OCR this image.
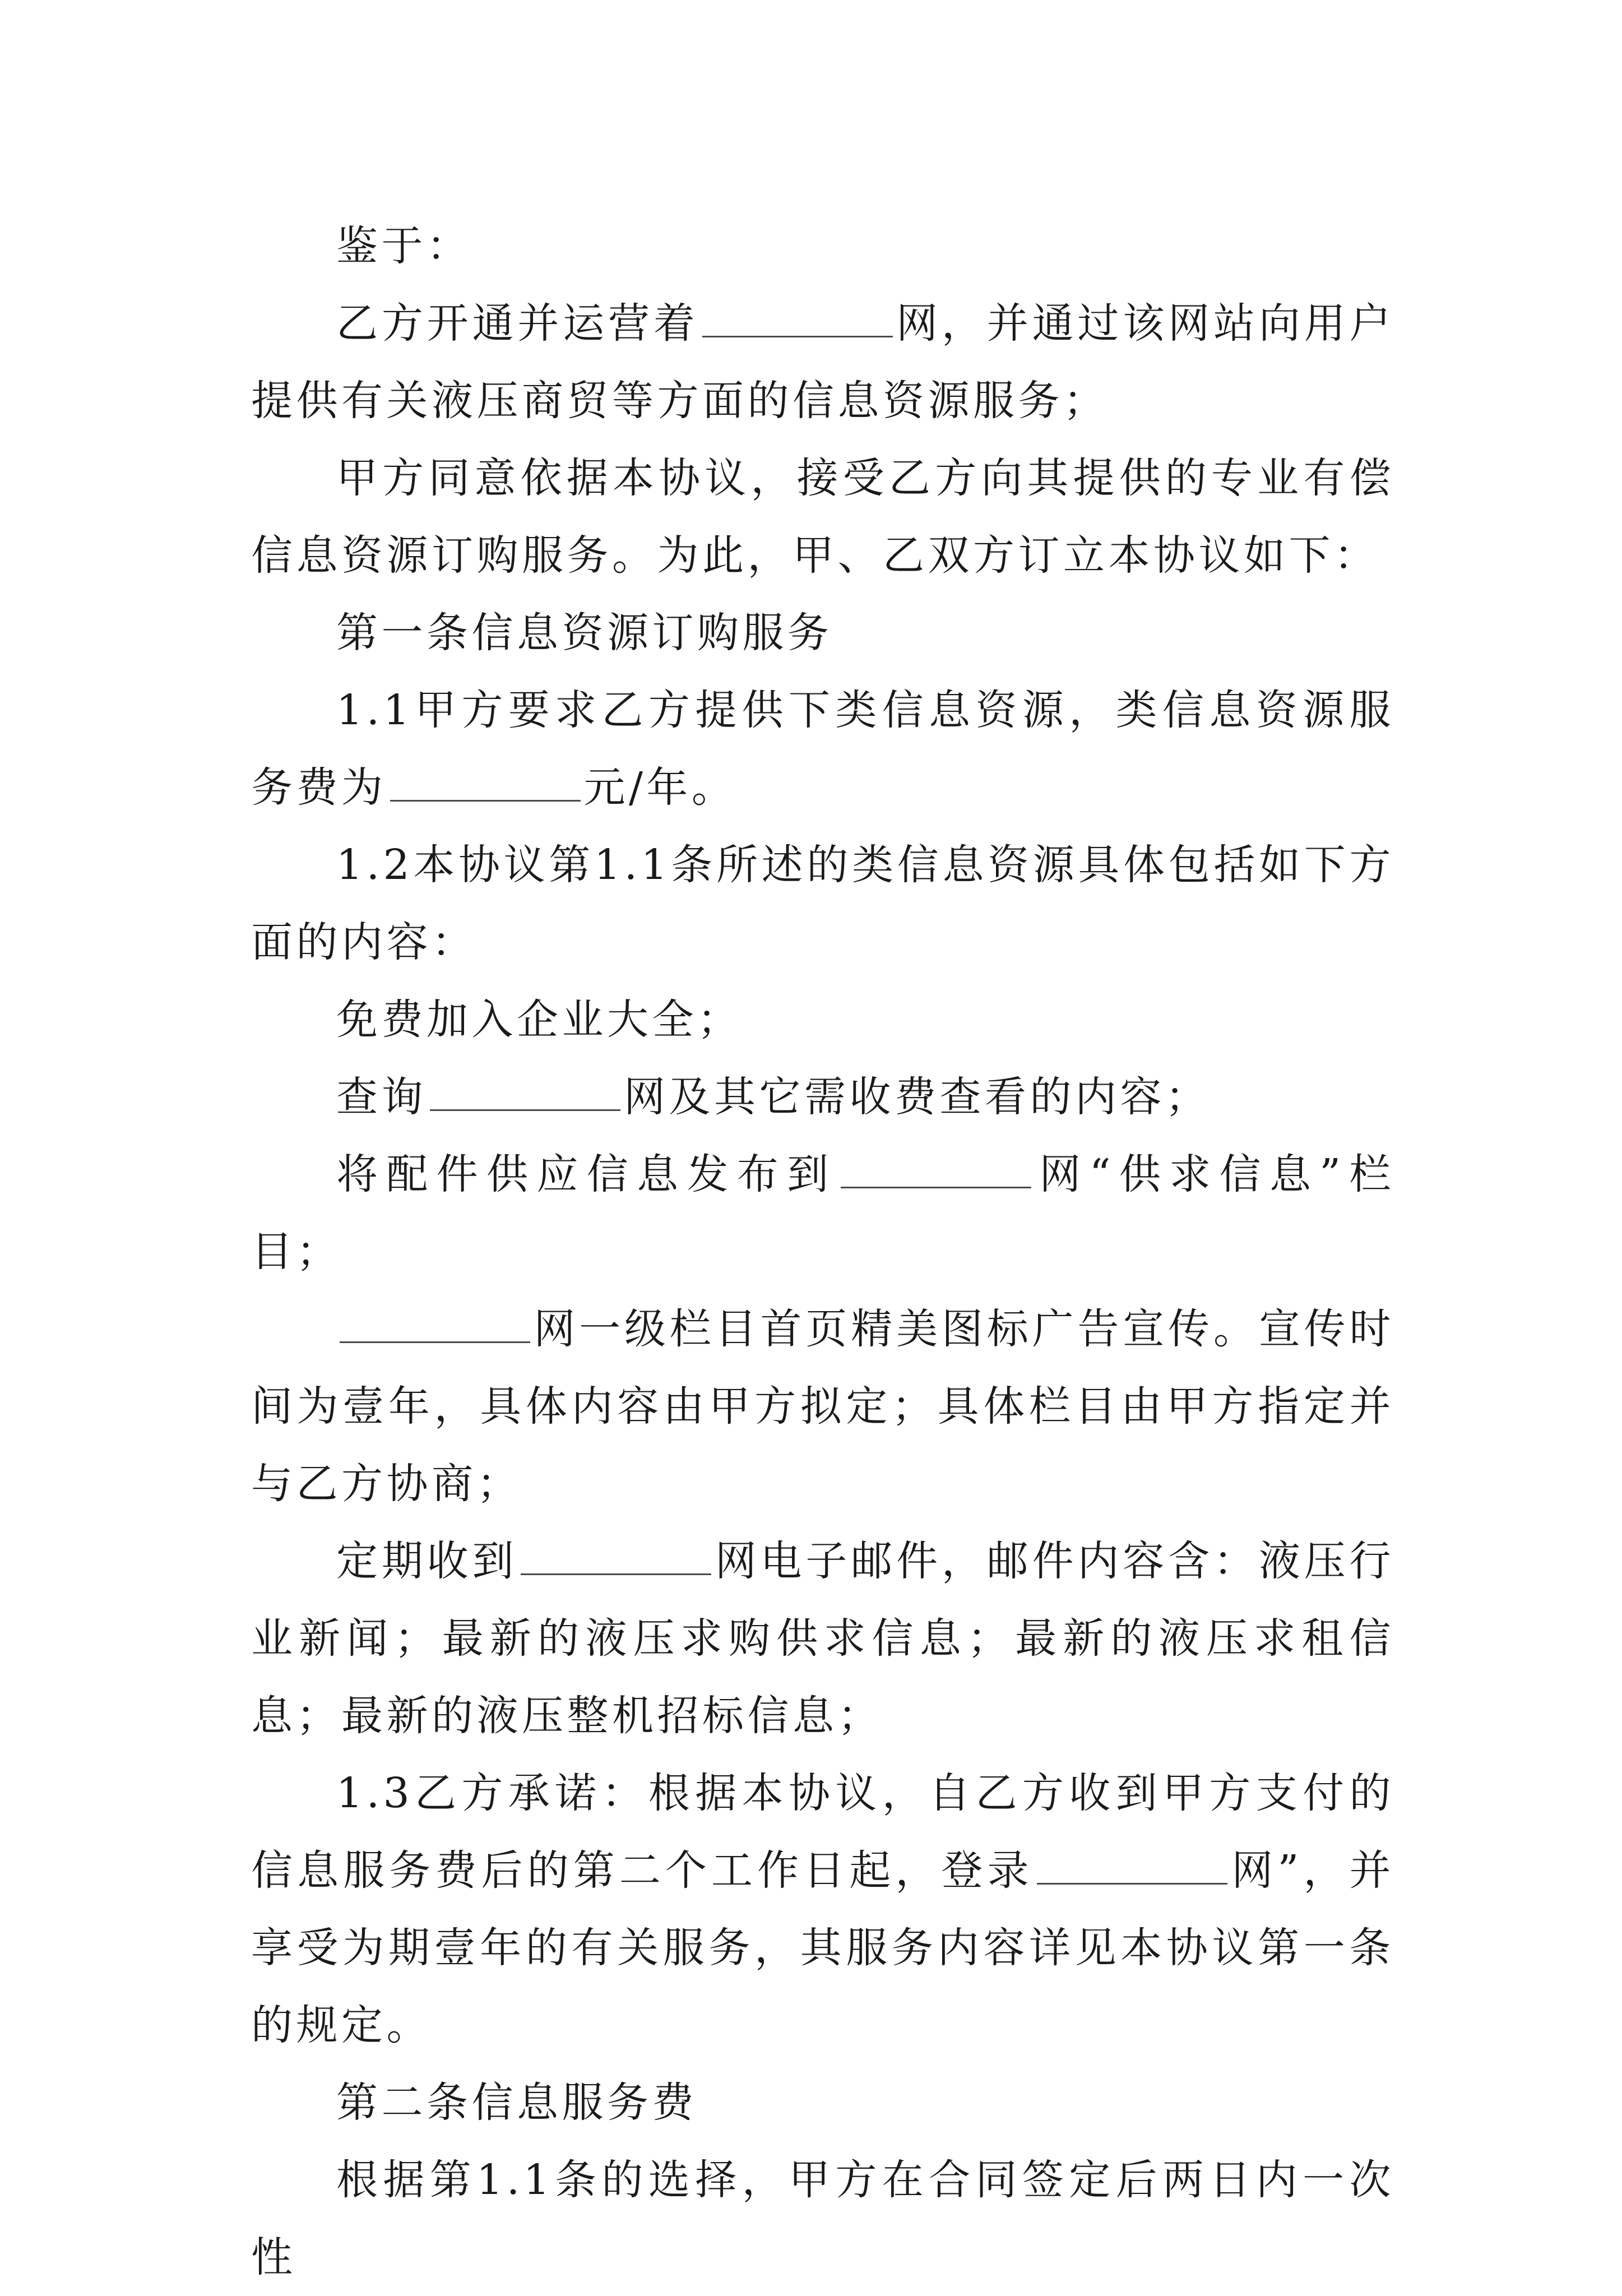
鉴于：

乙方开通并运营着	网，并通过该网站向用户提供有关液压商贸等方面的信息资源服务；

甲方同意依据本协议，接受乙方向其提供的专业有偿信息资源订购服务。为此，甲、乙双方订立本协议如下：

第一条信息资源订购服务

1.1甲方要求乙方提供下类信息资源，类信息资源服务费为	元/年。

1.2本协议第1.1条所述的类信息资源具体包括如下方面的内容：

免费加入企业大全；

查询	网及其它需收费查看的内容；

将配件供应信息发布到	网“供求信息”栏目；

网一级栏目首页精美图标广告宣传。宣传时间为壹年，具体内容由甲方拟定；具体栏目由甲方指定并与乙方协商；

定期收到	网电子邮件，邮件内容含：液压行业新闻；最新的液压求购供求信息；最新的液压求租信息；最新的液压整机招标信息；

1.3乙方承诺：根据本协议，自乙方收到甲方支付的信息服务费后的第二个工作日起，登录	网”，并享受为期壹年的有关服务，其服务内容详见本协议第一条的规定。

第二条信息服务费

根据第1.1条的选择，甲方在合同签定后两日内一次性
